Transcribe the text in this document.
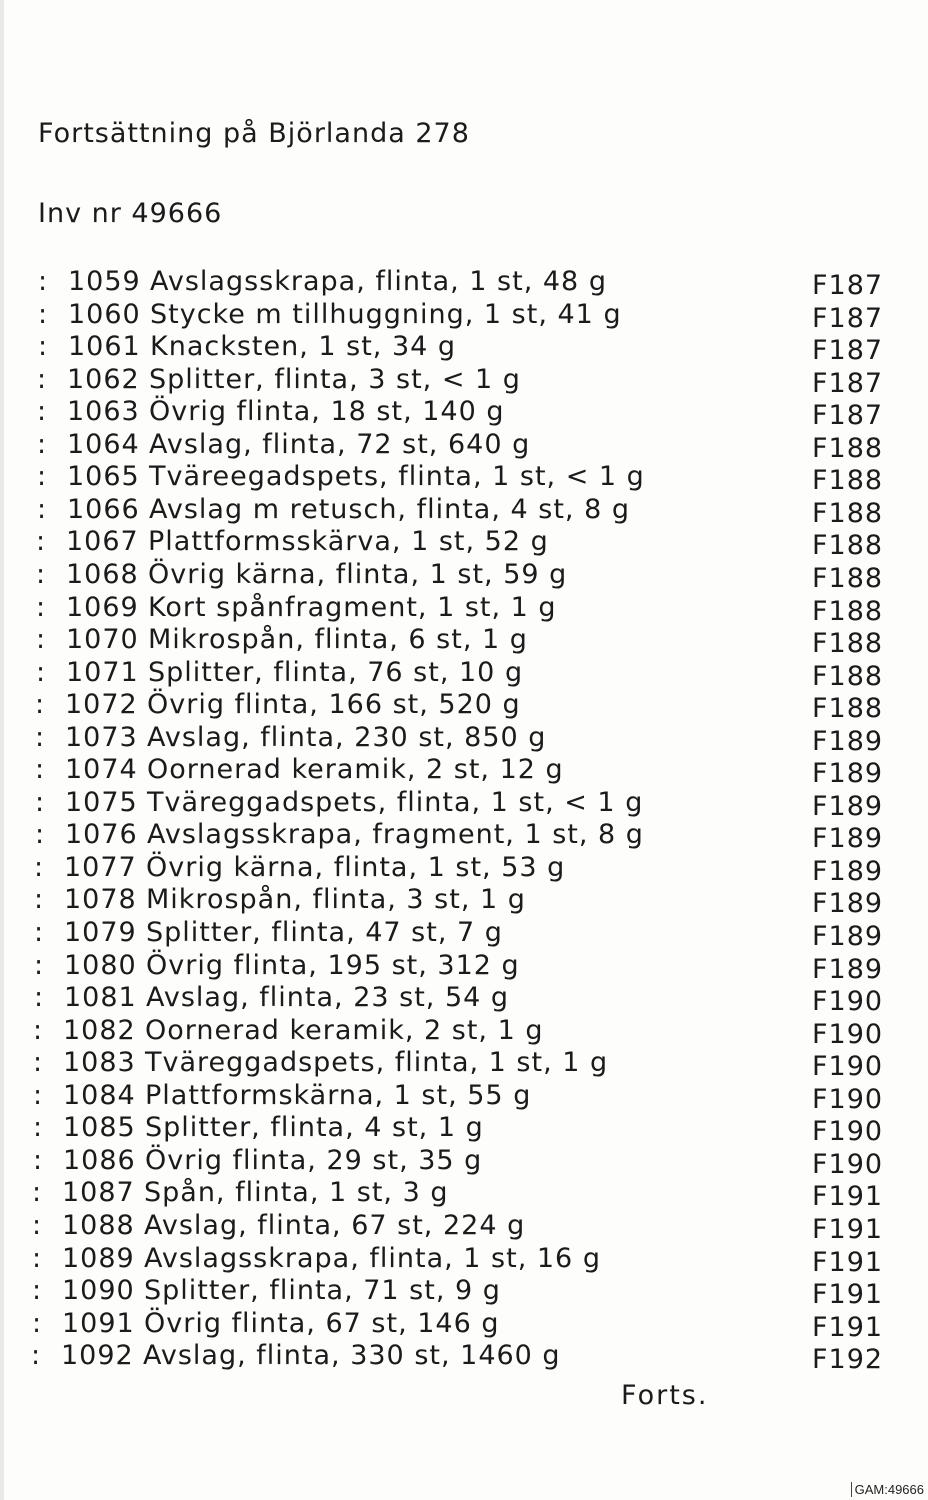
Fortsättning på Björlanda 278
Inv nr 49666
: 1059 Avslagsskrapa, flinta, 1 st, 48 g	F187
: 1060 Stycke m tillhuggning, 1 st, 41 g	F187
: 1061 Knacksten, 1 st, 34 g	F187
: 1062 Splitter, flinta, 3 st, < 1 g	F187
: 1063 Övrig flinta, 18 st, 140 g	F187
: 1064 Avslag, flinta, 72 st, 640 g	F188
: 1065 Tväreegadspets, flinta, 1 st, < 1 g	F188
: 1066 Avslag m retusch, flinta, 4 st, 8 g	F188
: 1067 Plattformsskärva, 1 st, 52 g	F188
: 1068 Övrig kärna, flinta, 1 st, 59 g	F188
: 1069 Kort spånfragment, 1 st, 1 g	F188
: 1070 Mikrospån, flinta, 6 st, 1 g	F188
: 1071 Splitter, flinta, 76 st, 10 g	F188
: 1072 Övrig flinta, 166 st, 520 g	F188
: 1073 Avslag, flinta, 230 st, 850 g	F189
: 1074 Oornerad keramik, 2 st, 12 g	F189
: 1075 Tväreggadspets, flinta, 1 st, < 1 g	F189
: 1076 Avslagsskrapa, fragment, 1 st, 8 g	F189
: 1077 Övrig kärna, flinta, 1 st, 53 g	F189
: 1078 Mikrospån, flinta, 3 st, 1 g	F189
: 1079 Splitter, flinta, 47 st, 7 g	F189
: 1080 Övrig flinta, 195 st, 312 g	F189
: 1081 Avslag, flinta, 23 st, 54 g	F190
: 1082 Oornerad keramik, 2 st, 1 g	F190
: 1083 Tväreggadspets, flinta, 1 st, 1 g	F190
: 1084 Plattformskärna, 1 st, 55 g	F190
: 1085 Splitter, flinta, 4 st, 1 g	F190
: 1086 Övrig flinta, 29 st, 35 g	F190
: 1087 Spån, flinta, 1 st, 3 g	F191
: 1088 Avslag, flinta, 67 st, 224 g	F191
: 1089 Avslagsskrapa, flinta, 1 st, 16 g	F191
: 1090 Splitter, flinta, 71 st, 9 g	F191
: 1091 Övrig flinta, 67 st, 146 g	F191
: 1092 Avslag, flinta, 330 st, 1460 g	F192
Forts.
GAM:49666
